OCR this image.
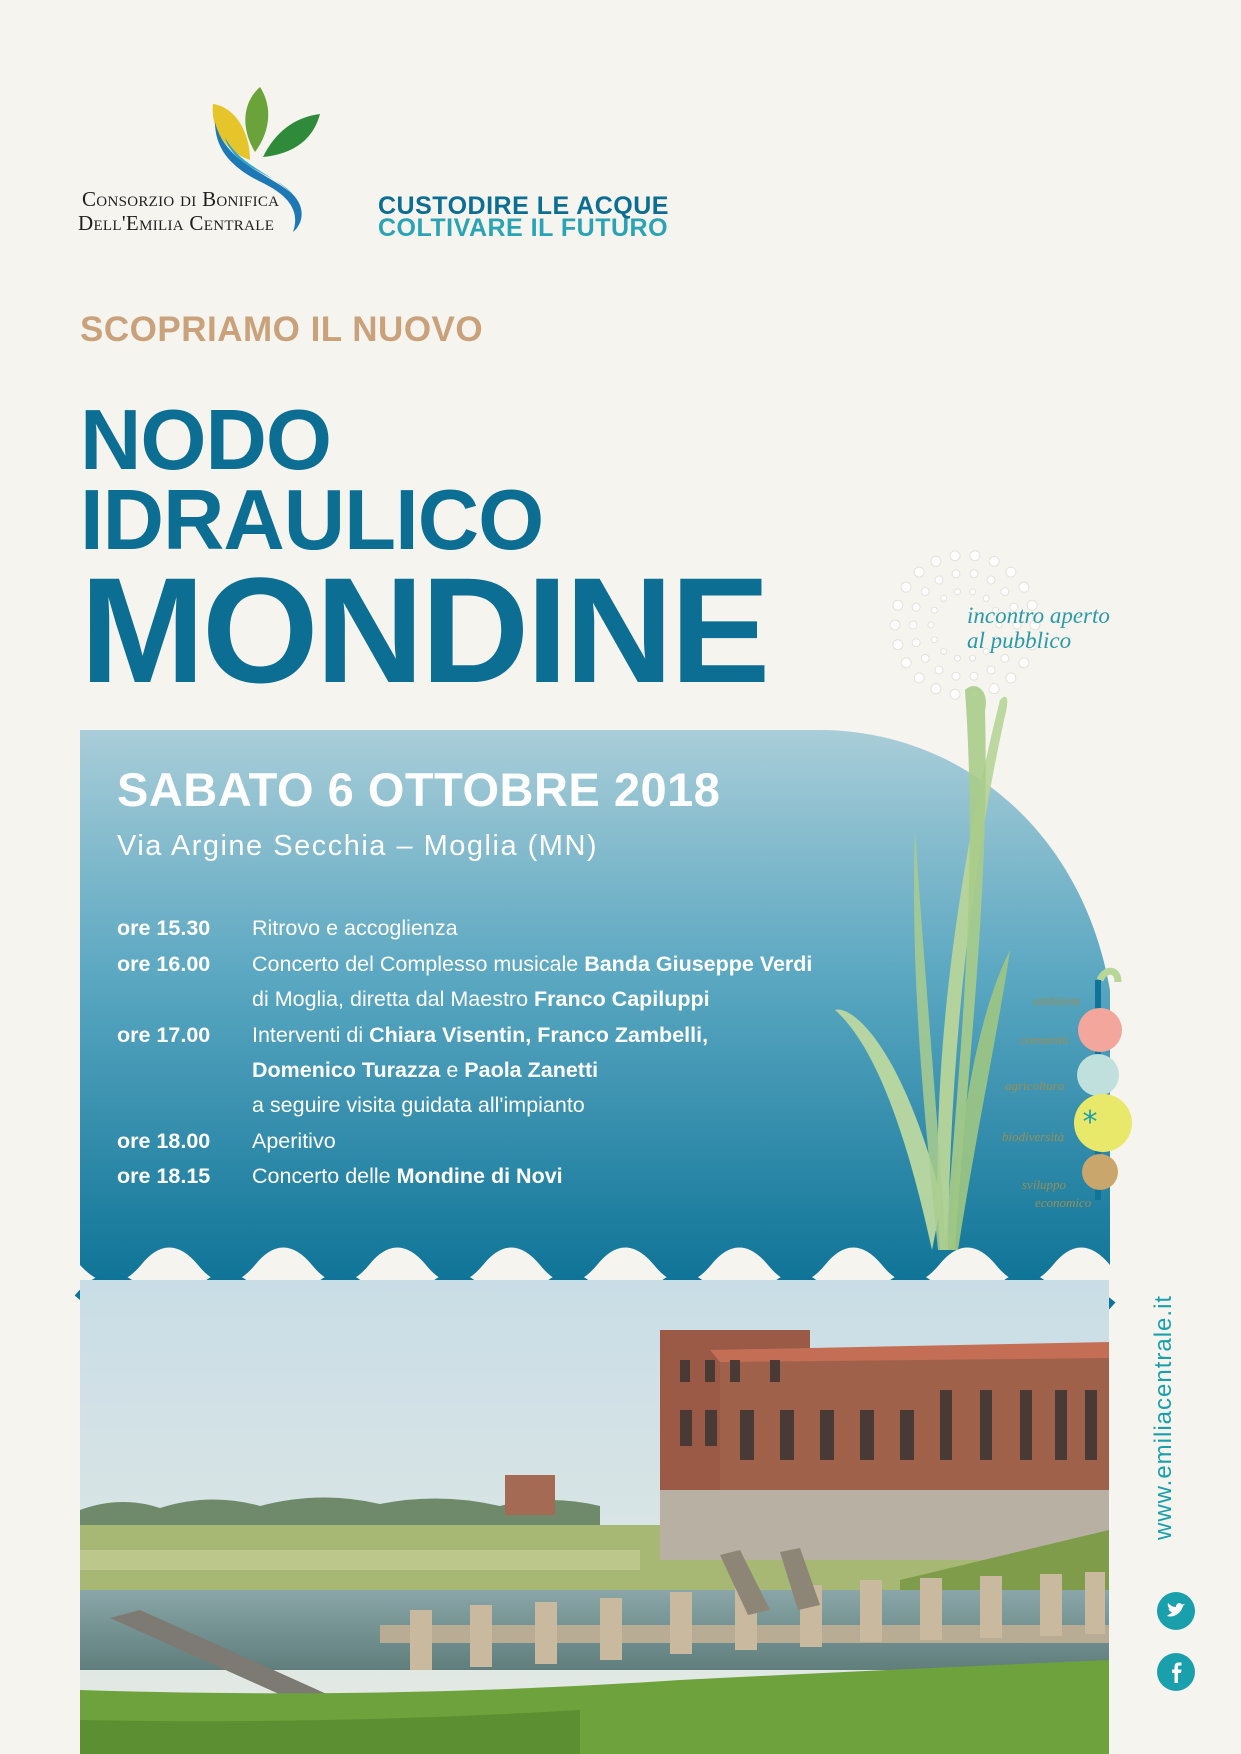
Consorzio di Bonifica
Dell'Emilia Centrale
CUSTODIRE LE ACQUE
COLTIVARE IL FUTURO
SCOPRIAMO IL NUOVO
NODO
IDRAULICO
MONDINE	incontro aperto
al pubblico
SABATO 6 OTTOBRE 2018
Via Argine Secchia – Moglia (MN)
ore 15.30 Ritrovo e accoglienza
ore 16.00 Concerto del Complesso musicale Banda Giuseppe Verdi
di Moglia, diretta dal Maestro Franco Capiluppi
ore 17.00 Interventi di Chiara Visentin, Franco Zambelli,
Domenico Turazza e Paola Zanetti
a seguire visita guidata all'impianto
ore 18.00 Aperitivo
ore 18.15 Concerto delle Mondine di Novi
*
ambiente
comunità
agricoltura
biodiversità
sviluppo
economico
www.emiliacentrale.it
